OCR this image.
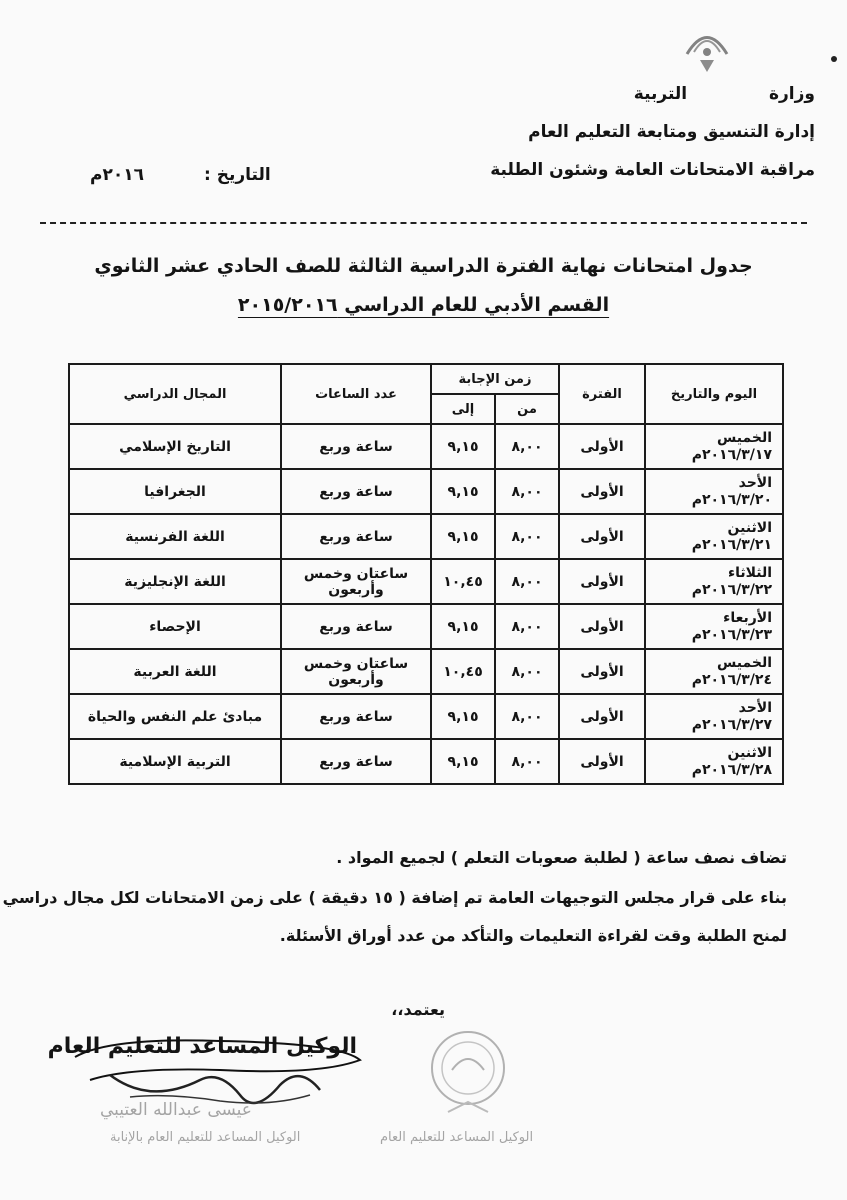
وزارة  التربية
إدارة التنسيق ومتابعة التعليم العام
مراقبة الامتحانات العامة وشئون الطلبة
التاريخ :٢٠١٦م
جدول امتحانات نهاية الفترة الدراسية الثالثة للصف الحادي عشر الثانوي
القسم الأدبي للعام الدراسي ٢٠١٥/٢٠١٦
اليوم والتاريخ	الفترة	زمن الإجابة		عدد الساعات	المجال الدراسي
		من	إلى		

الخميس
٢٠١٦/٣/١٧م	الأولى	٨,٠٠	٩,١٥	ساعة وربع	التاريخ الإسلامي

الأحد
٢٠١٦/٣/٢٠م	الأولى	٨,٠٠	٩,١٥	ساعة وربع	الجغرافيا

الاثنين
٢٠١٦/٣/٢١م	الأولى	٨,٠٠	٩,١٥	ساعة وربع	اللغة الفرنسية

الثلاثاء
٢٠١٦/٣/٢٢م	الأولى	٨,٠٠	١٠,٤٥	ساعتان وخمس وأربعون	اللغة الإنجليزية

الأربعاء
٢٠١٦/٣/٢٣م	الأولى	٨,٠٠	٩,١٥	ساعة وربع	الإحصاء

الخميس
٢٠١٦/٣/٢٤م	الأولى	٨,٠٠	١٠,٤٥	ساعتان وخمس وأربعون	اللغة العربية

الأحد
٢٠١٦/٣/٢٧م	الأولى	٨,٠٠	٩,١٥	ساعة وربع	مبادئ علم النفس والحياة

الاثنين
٢٠١٦/٣/٢٨م	الأولى	٨,٠٠	٩,١٥	ساعة وربع	التربية الإسلامية
تضاف نصف ساعة ( لطلبة صعوبات التعلم ) لجميع المواد .
بناء على قرار مجلس التوجيهات العامة تم إضافة ( ١٥ دقيقة ) على زمن الامتحانات لكل مجال دراسي
لمنح الطلبة وقت لقراءة التعليمات والتأكد من عدد أوراق الأسئلة.
يعتمد،،
الوكيل المساعد للتعليم العام
عيسى عبدالله العتيبي
الوكيل المساعد للتعليم العام بالإنابة	الوكيل المساعد للتعليم العام
